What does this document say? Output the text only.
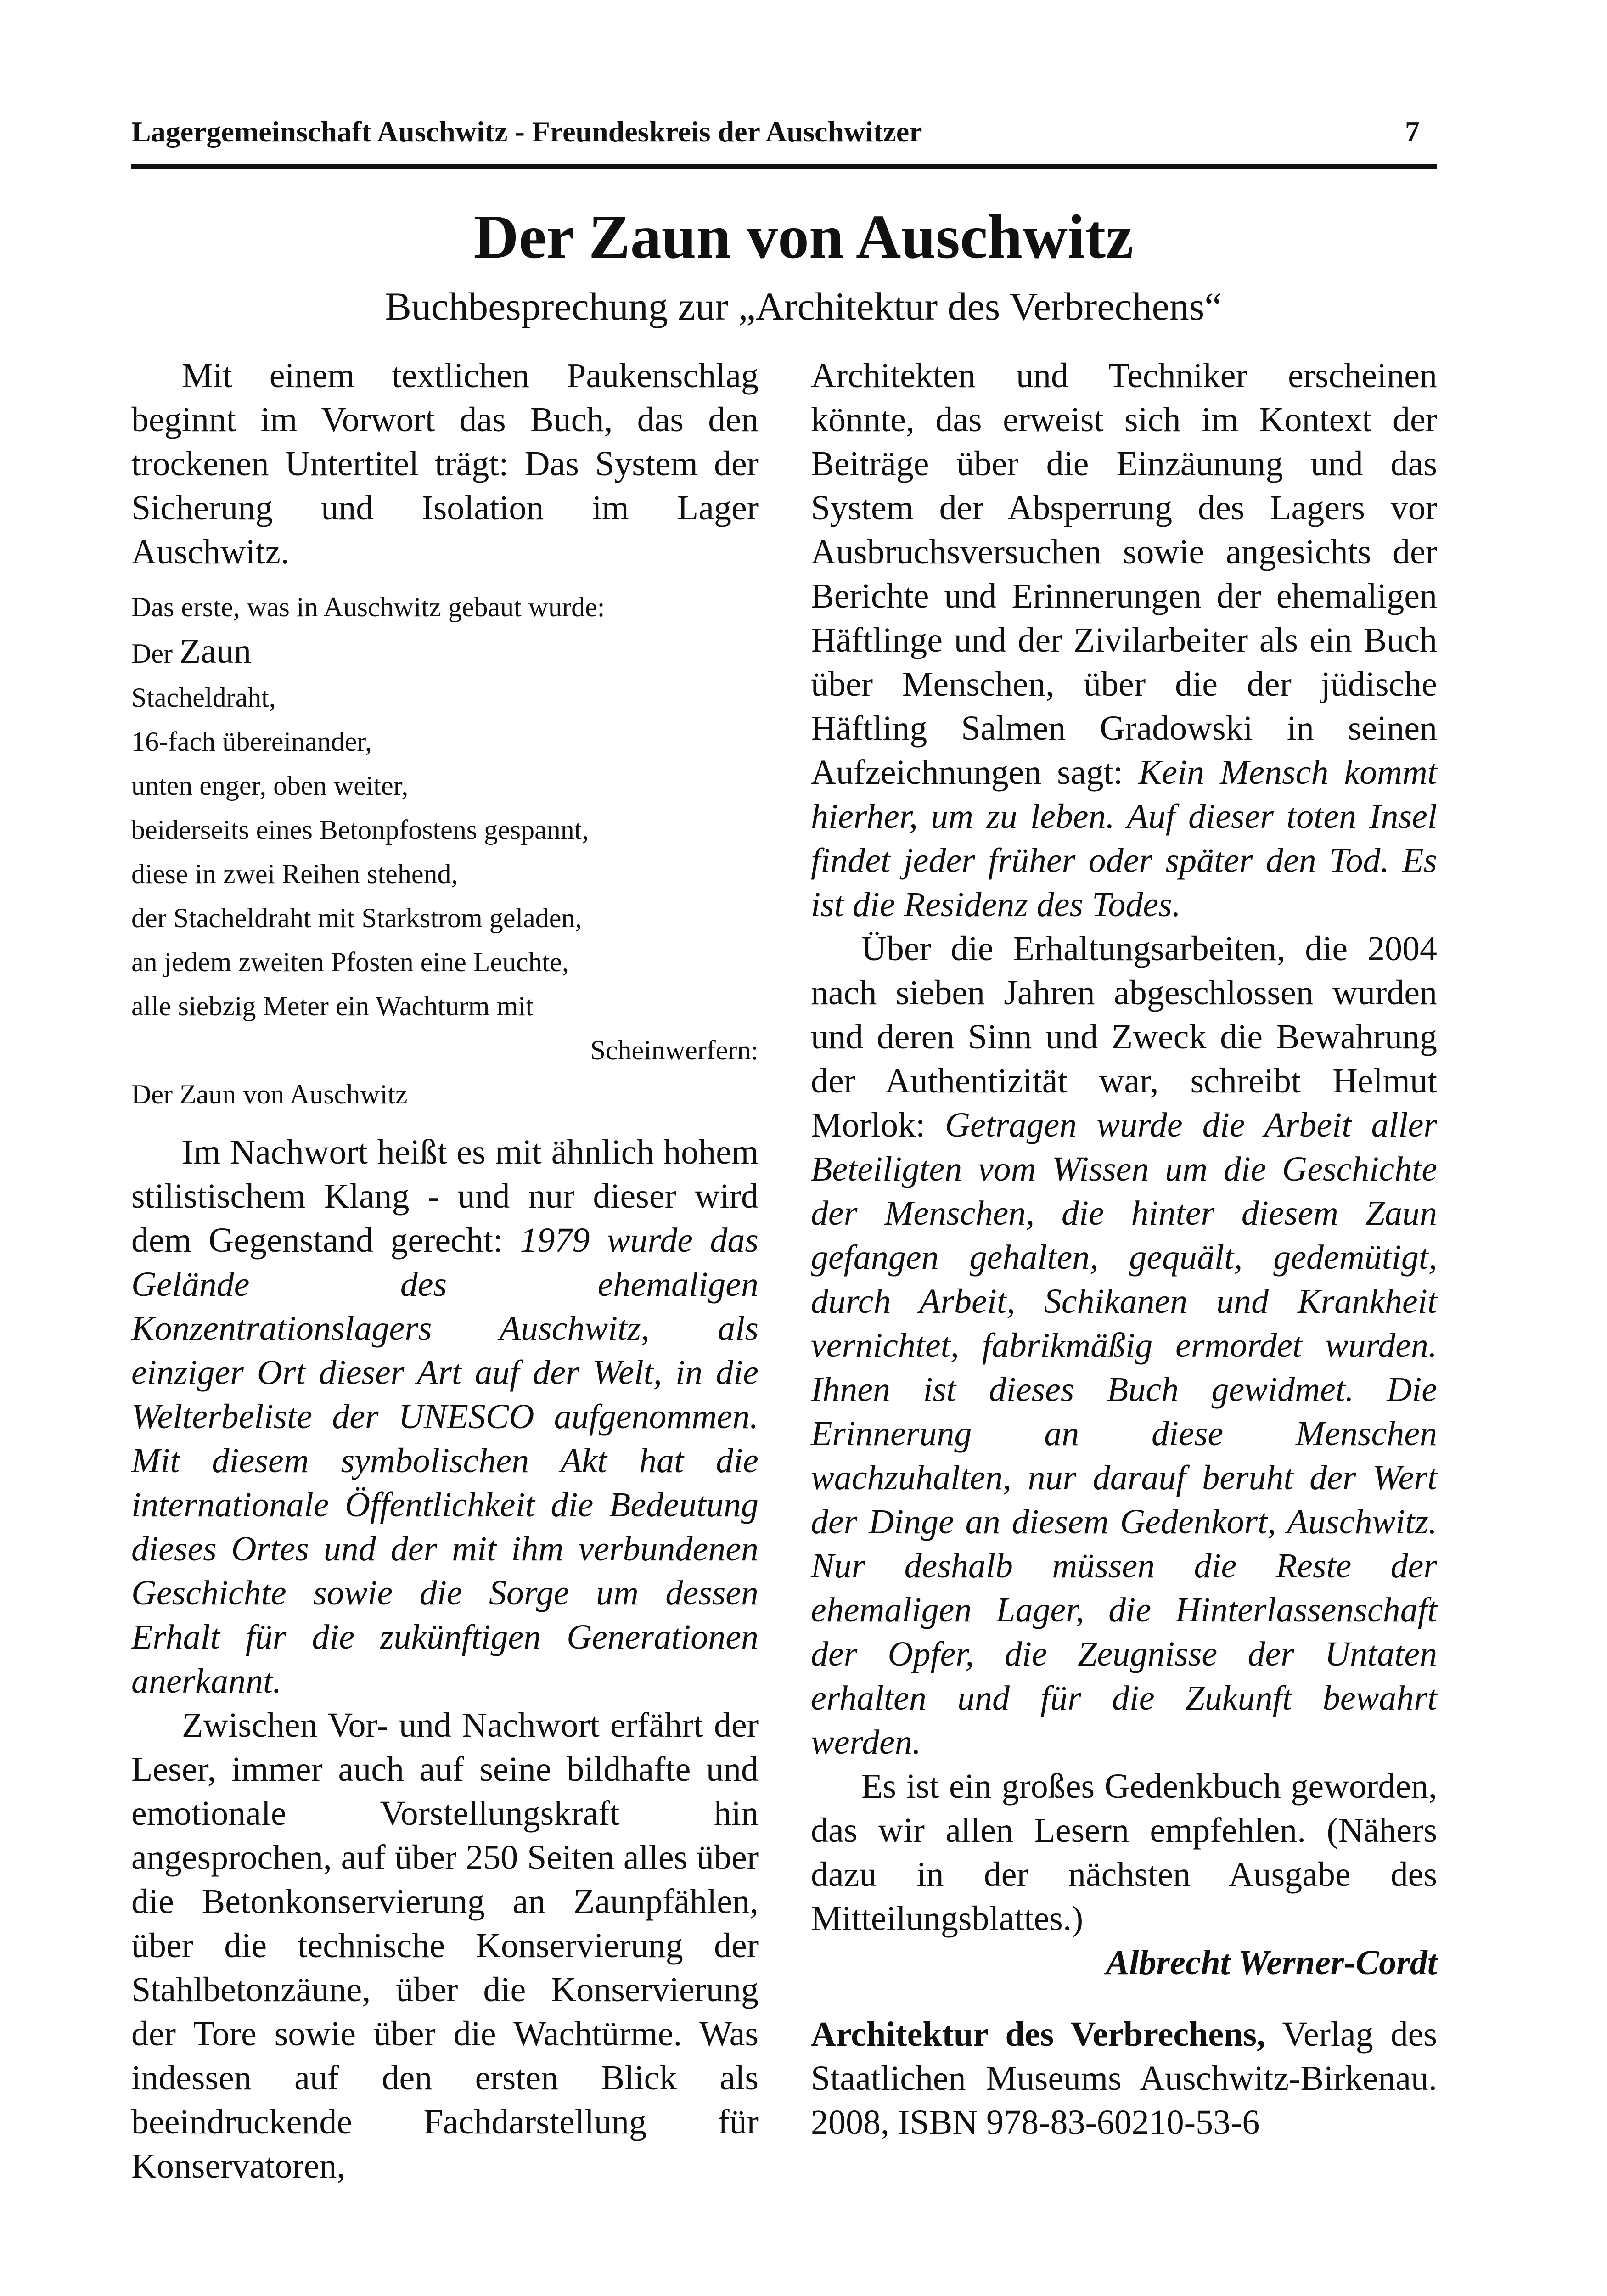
Lagergemeinschaft Auschwitz - Freundeskreis der Auschwitzer	7
Der Zaun von Auschwitz
Buchbesprechung zur „Architektur des Verbrechens“

Mit einem textlichen Paukenschlag beginnt im Vorwort das Buch, das den trockenen Untertitel trägt: Das System der Sicherung und Isolation im Lager Auschwitz.

Das erste, was in Auschwitz gebaut wurde:
Der Zaun
Stacheldraht,
16-fach übereinander,
unten enger, oben weiter,
beiderseits eines Betonpfostens gespannt,
diese in zwei Reihen stehend,
der Stacheldraht mit Starkstrom geladen,
an jedem zweiten Pfosten eine Leuchte,
alle siebzig Meter ein Wachturm mit
Scheinwerfern:
Der Zaun von Auschwitz

Im Nachwort heißt es mit ähnlich hohem stilistischem Klang - und nur dieser wird dem Gegenstand gerecht: 1979 wurde das Gelände des ehemaligen Konzentrationslagers Auschwitz, als einziger Ort dieser Art auf der Welt, in die Welterbeliste der UNESCO aufgenommen. Mit diesem symbolischen Akt hat die internationale Öffentlichkeit die Bedeutung dieses Ortes und der mit ihm verbundenen Geschichte sowie die Sorge um dessen Erhalt für die zukünftigen Generationen anerkannt.

Zwischen Vor- und Nachwort erfährt der Leser, immer auch auf seine bildhafte und emotionale Vorstellungskraft hin angesprochen, auf über 250 Seiten alles über die Betonkonservierung an Zaunpfählen, über die technische Konservierung der Stahlbetonzäune, über die Konservierung der Tore sowie über die Wachtürme. Was indessen auf den ersten Blick als beeindruckende Fachdarstellung für Konservatoren,

Architekten und Techniker erscheinen könnte, das erweist sich im Kontext der Beiträge über die Einzäunung und das System der Absperrung des Lagers vor Ausbruchsversuchen sowie angesichts der Berichte und Erinnerungen der ehemaligen Häftlinge und der Zivilarbeiter als ein Buch über Menschen, über die der jüdische Häftling Salmen Gradowski in seinen Aufzeichnungen sagt: Kein Mensch kommt hierher, um zu leben. Auf dieser toten Insel findet jeder früher oder später den Tod. Es ist die Residenz des Todes.

Über die Erhaltungsarbeiten, die 2004 nach sieben Jahren abgeschlossen wurden und deren Sinn und Zweck die Bewahrung der Authentizität war, schreibt Helmut Morlok: Getragen wurde die Arbeit aller Beteiligten vom Wissen um die Geschichte der Menschen, die hinter diesem Zaun gefangen gehalten, gequält, gedemütigt, durch Arbeit, Schikanen und Krankheit vernichtet, fabrikmäßig ermordet wurden. Ihnen ist dieses Buch gewidmet. Die Erinnerung an diese Menschen wachzuhalten, nur darauf beruht der Wert der Dinge an diesem Gedenkort, Auschwitz. Nur deshalb müssen die Reste der ehemaligen Lager, die Hinterlassenschaft der Opfer, die Zeugnisse der Untaten erhalten und für die Zukunft bewahrt werden.

Es ist ein großes Gedenkbuch geworden, das wir allen Lesern empfehlen. (Nähers dazu in der nächsten Ausgabe des Mitteilungsblattes.)

Albrecht Werner-Cordt

Architektur des Verbrechens, Verlag des Staatlichen Museums Auschwitz-Birkenau. 2008, ISBN 978-83-60210-53-6
